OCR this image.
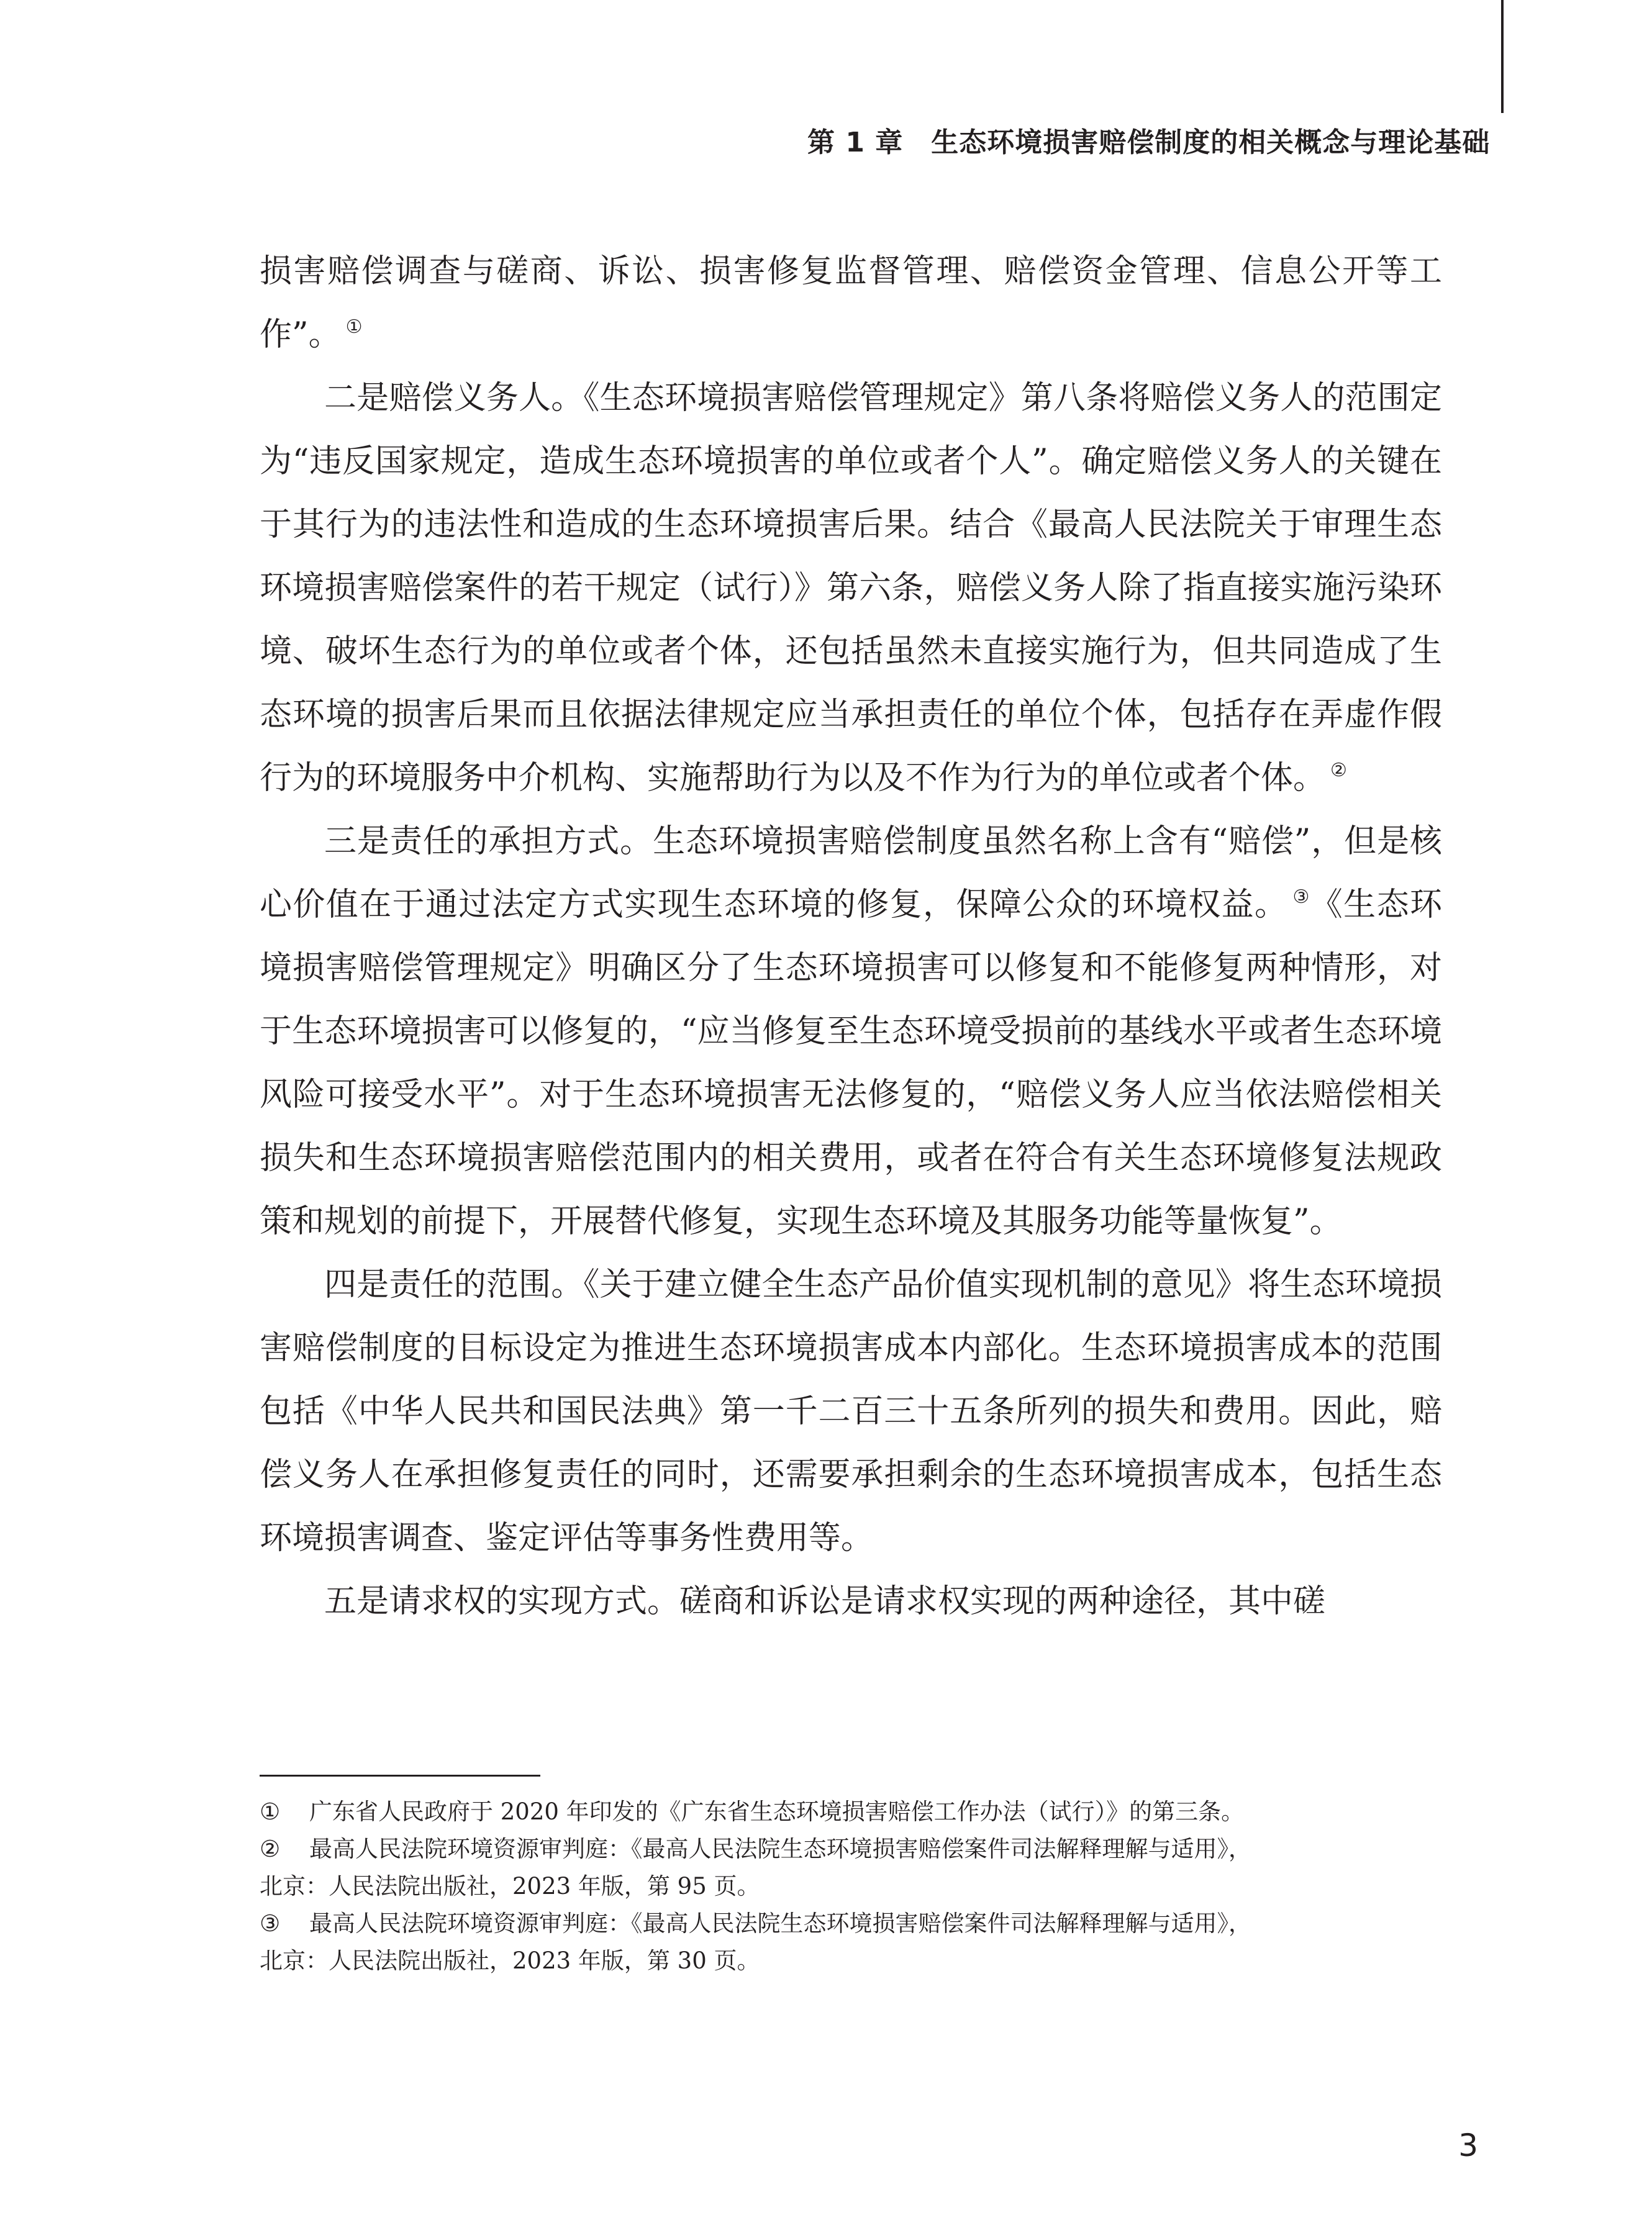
第 1 章　生态环境损害赔偿制度的相关概念与理论基础

损害赔偿调查与磋商、诉讼、损害修复监督管理、赔偿资金管理、信息公开等工作”。 ①

二是赔偿义务人。《生态环境损害赔偿管理规定》第八条将赔偿义务人的范围定为“违反国家规定，造成生态环境损害的单位或者个人”。确定赔偿义务人的关键在于其行为的违法性和造成的生态环境损害后果。结合《最高人民法院关于审理生态环境损害赔偿案件的若干规定（试行）》第六条，赔偿义务人除了指直接实施污染环境、破坏生态行为的单位或者个体，还包括虽然未直接实施行为，但共同造成了生态环境的损害后果而且依据法律规定应当承担责任的单位个体，包括存在弄虚作假行为的环境服务中介机构、实施帮助行为以及不作为行为的单位或者个体。 ②

三是责任的承担方式。生态环境损害赔偿制度虽然名称上含有“赔偿”，但是核心价值在于通过法定方式实现生态环境的修复，保障公众的环境权益。 ③《生态环境损害赔偿管理规定》明确区分了生态环境损害可以修复和不能修复两种情形，对于生态环境损害可以修复的，“应当修复至生态环境受损前的基线水平或者生态环境风险可接受水平”。对于生态环境损害无法修复的，“赔偿义务人应当依法赔偿相关损失和生态环境损害赔偿范围内的相关费用，或者在符合有关生态环境修复法规政策和规划的前提下，开展替代修复，实现生态环境及其服务功能等量恢复”。

四是责任的范围。《关于建立健全生态产品价值实现机制的意见》将生态环境损害赔偿制度的目标设定为推进生态环境损害成本内部化。生态环境损害成本的范围包括《中华人民共和国民法典》第一千二百三十五条所列的损失和费用。因此，赔偿义务人在承担修复责任的同时，还需要承担剩余的生态环境损害成本，包括生态环境损害调查、鉴定评估等事务性费用等。

五是请求权的实现方式。磋商和诉讼是请求权实现的两种途径，其中磋

① 广东省人民政府于 2020 年印发的《广东省生态环境损害赔偿工作办法（试行）》的第三条。

② 最高人民法院环境资源审判庭：《最高人民法院生态环境损害赔偿案件司法解释理解与适用》，

北京：人民法院出版社，2023 年版，第 95 页。

③ 最高人民法院环境资源审判庭：《最高人民法院生态环境损害赔偿案件司法解释理解与适用》，

北京：人民法院出版社，2023 年版，第 30 页。

3
